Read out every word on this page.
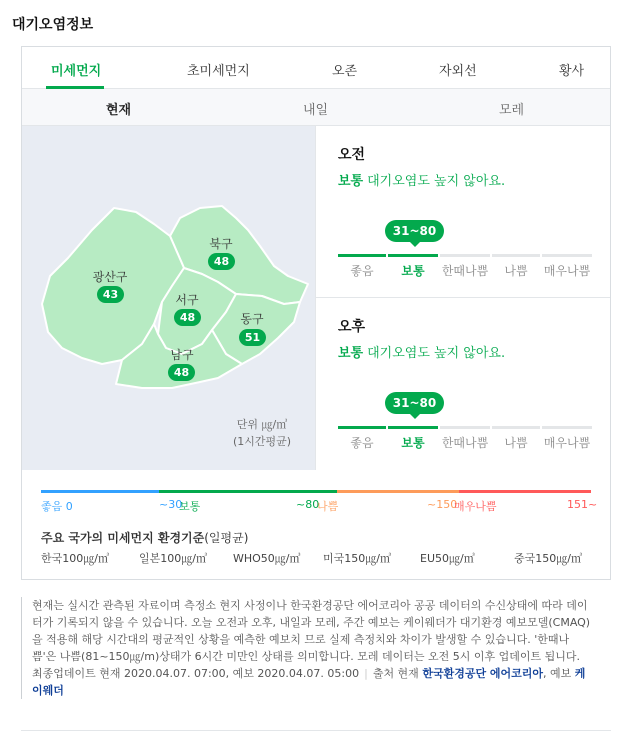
대기오염정보
미세먼지	초미세먼지	오존	자외선	황사
현재	내일	모레
북구
48
광산구
43	서구
48	동구
51
남구
48
단위 ㎍/㎥
(1시간평균)
오전
보통 대기오염도 높지 않아요.
31~80
좋음	보통	한때나쁨	나쁨	매우나쁨
오후
보통 대기오염도 높지 않아요.
31~80
좋음	보통	한때나쁨	나쁨	매우나쁨
좋음 0	~30
보통	~80
나쁨	~150
매우나쁨	151~
주요 국가의 미세먼지 환경기준(일평균)
한국100㎍/㎥	일본100㎍/㎥ WHO50㎍/㎥ 미국150㎍/㎥	EU50㎍/㎥	중국150㎍/㎥
현재는 실시간 관측된 자료이며 측정소 현지 사정이나 한국환경공단 에어코리아 공공 데이터의 수신상태에 따라 데이터가 기록되지 않을 수 있습니다. 오늘 오전과 오후, 내일과 모레, 주간 예보는 케이웨더가 대기환경 예보모델(CMAQ)을 적용해 해당 시간대의 평균적인 상황을 예측한 예보치 므로 실제 측정치와 차이가 발생할 수 있습니다. '한때나쁨'은 나쁨(81~150㎍/m)상태가 6시간 미만인 상태를 의미합니다. 모레 데이터는 오전 5시 이후 업데이트 됩니다.
최종업데이트 현재 2020.04.07. 07:00, 예보 2020.04.07. 05:00 | 출처 현재 한국환경공단 에어코리아, 예보 케이웨더
